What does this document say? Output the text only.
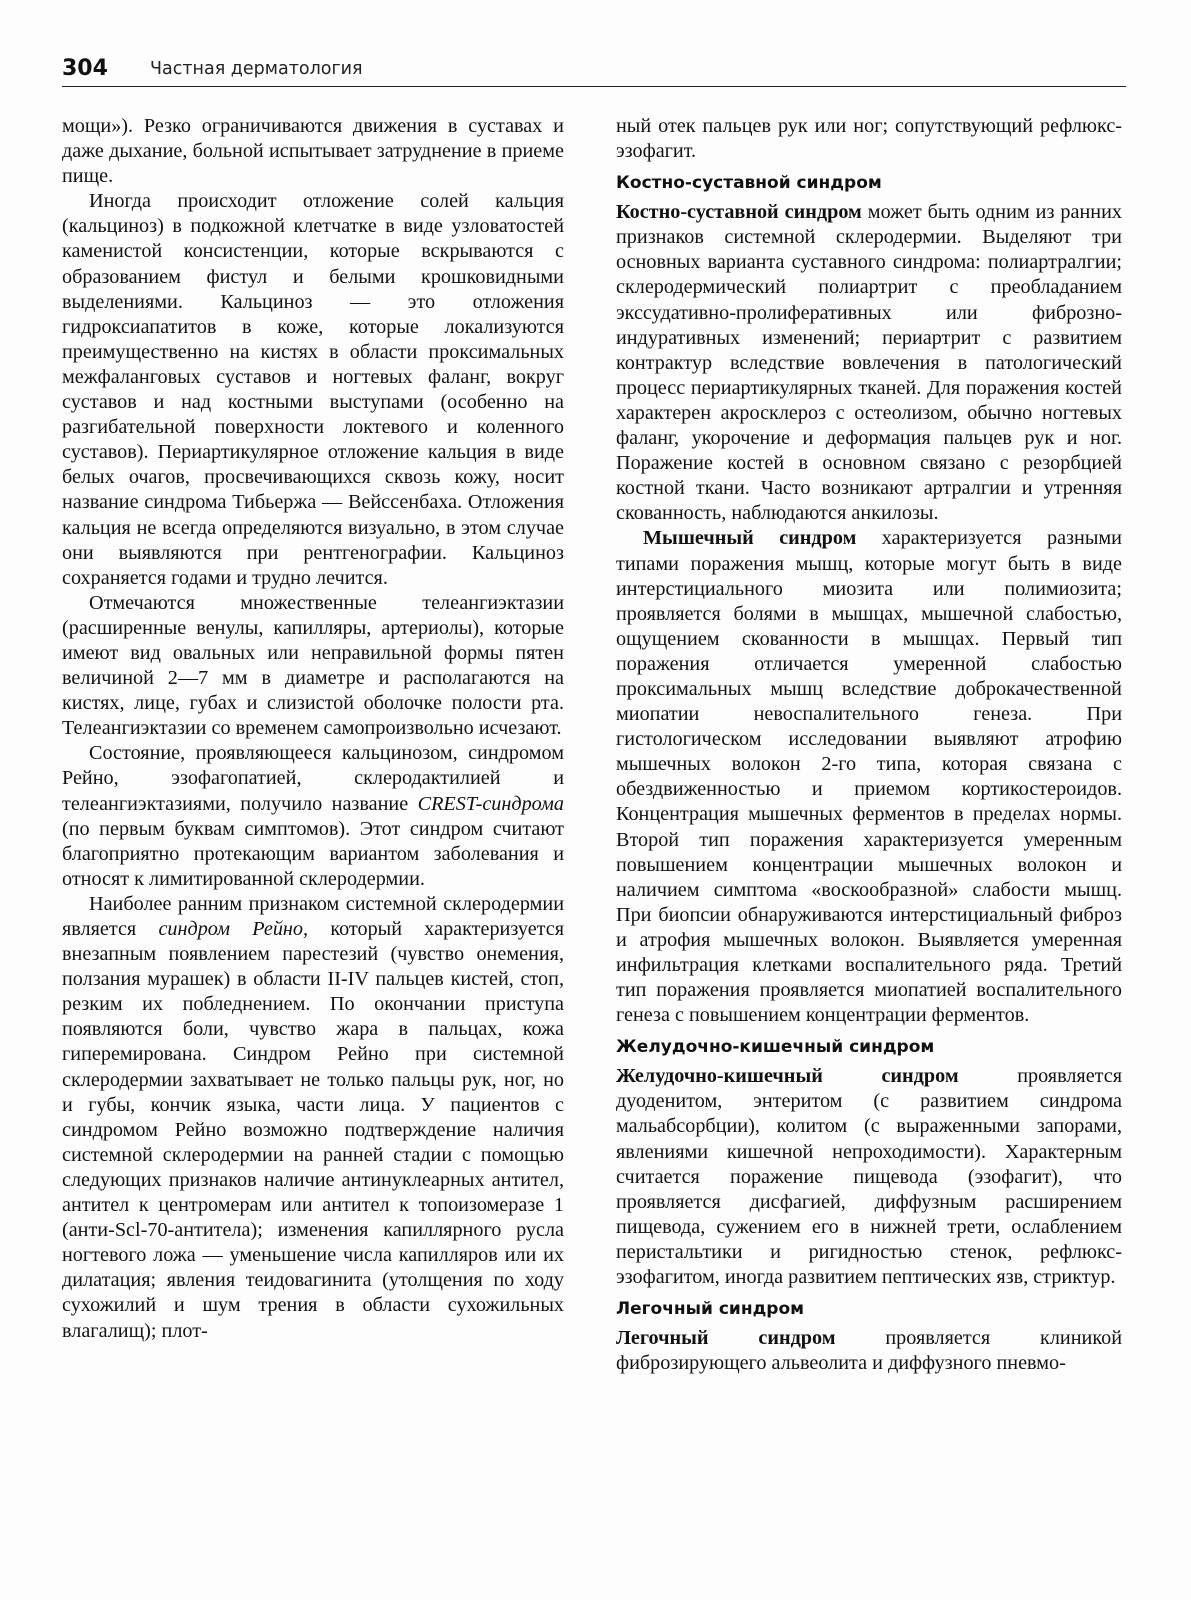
304 Частная дерматология

мощи»). Резко ограничиваются движения в суставах и даже дыхание, больной испытывает затруднение в приеме пище.

Иногда происходит отложение солей кальция (кальциноз) в подкожной клетчатке в виде узловатостей каменистой консистенции, которые вскрываются с образованием фистул и белыми крошковидными выделениями. Кальциноз — это отложения гидроксиапатитов в коже, которые локализуются преимущественно на кистях в области проксимальных межфаланговых суставов и ногтевых фаланг, вокруг суставов и над костными выступами (особенно на разгибательной поверхности локтевого и коленного суставов). Периартикулярное отложение кальция в виде белых очагов, просвечивающихся сквозь кожу, носит название синдрома Тибьержа — Вейссенбаха. Отложения кальция не всегда определяются визуально, в этом случае они выявляются при рентгенографии. Кальциноз сохраняется годами и трудно лечится.

Отмечаются множественные телеангиэктазии (расширенные венулы, капилляры, артериолы), которые имеют вид овальных или неправильной формы пятен величиной 2—7 мм в диаметре и располагаются на кистях, лице, губах и слизистой оболочке полости рта. Телеангиэктазии со временем самопроизвольно исчезают.

Состояние, проявляющееся кальцинозом, синдромом Рейно, эзофагопатией, склеродактилией и телеангиэктазиями, получило название CREST-синдрома (по первым буквам симптомов). Этот синдром считают благоприятно протекающим вариантом заболевания и относят к лимитированной склеродермии.

Наиболее ранним признаком системной склеродермии является синдром Рейно, который характеризуется внезапным появлением парестезий (чувство онемения, ползания мурашек) в области II-IV пальцев кистей, стоп, резким их побледнением. По окончании приступа появляются боли, чувство жара в пальцах, кожа гиперемирована. Синдром Рейно при системной склеродермии захватывает не только пальцы рук, ног, но и губы, кончик языка, части лица. У пациентов с синдромом Рейно возможно подтверждение наличия системной склеродермии на ранней стадии с помощью следующих признаков наличие антинуклеарных антител, антител к центромерам или антител к топоизомеразе 1 (анти-Scl-70-антитела); изменения капиллярного русла ногтевого ложа — уменьшение числа капилляров или их дилатация; явления теидовагинита (утолщения по ходу сухожилий и шум трения в области сухожильных влагалищ); плот-

ный отек пальцев рук или ног; сопутствующий рефлюкс-эзофагит.

Костно-суставной синдром

Костно-суставной синдром может быть одним из ранних признаков системной склеродермии. Выделяют три основных варианта суставного синдрома: полиартралгии; склеродермический полиартрит с преобладанием экссудативно-пролиферативных или фиброзно-индуративных изменений; периартрит с развитием контрактур вследствие вовлечения в патологический процесс периартикулярных тканей. Для поражения костей характерен акросклероз с остеолизом, обычно ногтевых фаланг, укорочение и деформация пальцев рук и ног. Поражение костей в основном связано с резорбцией костной ткани. Часто возникают артралгии и утренняя скованность, наблюдаются анкилозы.

Мышечный синдром характеризуется разными типами поражения мышц, которые могут быть в виде интерстициального миозита или полимиозита; проявляется болями в мышцах, мышечной слабостью, ощущением скованности в мышцах. Первый тип поражения отличается умеренной слабостью проксимальных мышц вследствие доброкачественной миопатии невоспалительного генеза. При гистологическом исследовании выявляют атрофию мышечных волокон 2-го типа, которая связана с обездвиженностью и приемом кортикостероидов. Концентрация мышечных ферментов в пределах нормы. Второй тип поражения характеризуется умеренным повышением концентрации мышечных волокон и наличием симптома «воскообразной» слабости мышц. При биопсии обнаруживаются интерстициальный фиброз и атрофия мышечных волокон. Выявляется умеренная инфильтрация клетками воспалительного ряда. Третий тип поражения проявляется миопатией воспалительного генеза с повышением концентрации ферментов.

Желудочно-кишечный синдром

Желудочно-кишечный синдром проявляется дуоденитом, энтеритом (с развитием синдрома мальабсорбции), колитом (с выраженными запорами, явлениями кишечной непроходимости). Характерным считается поражение пищевода (эзофагит), что проявляется дисфагией, диффузным расширением пищевода, сужением его в нижней трети, ослаблением перистальтики и ригидностью стенок, рефлюкс-эзофагитом, иногда развитием пептических язв, стриктур.

Легочный синдром

Легочный синдром проявляется клиникой фиброзирующего альвеолита и диффузного пневмо-
